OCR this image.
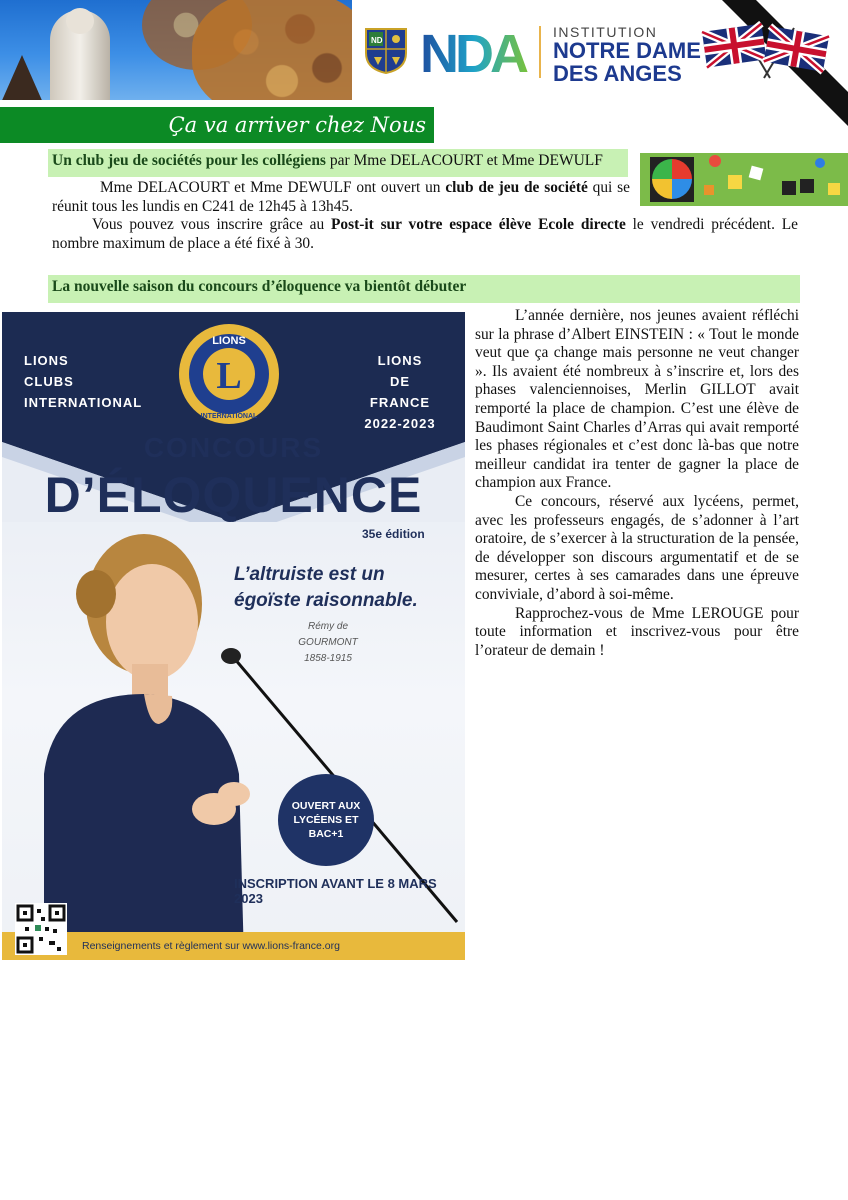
ND NDA INSTITUTION
NOTRE DAME DES ANGES
Ça va arriver chez Nous
Un club jeu de sociétés pour les collégiens par Mme DELACOURT et Mme DEWULF

Mme DELACOURT et Mme DEWULF ont ouvert un club de jeu de société qui se réunit tous les lundis en C241 de 12h45 à 13h45.

Vous pouvez vous inscrire grâce au Post-it sur votre espace élève Ecole directe le vendredi précédent. Le nombre maximum de place a été fixé à 30.

La nouvelle saison du concours d’éloquence va bientôt débuter
LIONS
CLUBS
INTERNATIONAL
LIONS
DE FRANCE
2022-2023
L
LIONS
INTERNATIONAL
CONCOURS
D’ÉLOQUENCE
35e édition
L’altruiste est un égoïste raisonnable.
Rémy de GOURMONT
1858-1915
OUVERT AUX LYCÉENS ET BAC+1
INSCRIPTION AVANT LE 8 MARS 2023
Renseignements et règlement sur www.lions-france.org

L’année dernière, nos jeunes avaient réfléchi sur la phrase d’Albert EINSTEIN : « Tout le monde veut que ça change mais personne ne veut changer ». Ils avaient été nombreux à s’inscrire et, lors des phases valenciennoises, Merlin GILLOT avait remporté la place de champion. C’est une élève de Baudimont Saint Charles d’Arras qui avait remporté les phases régionales et c’est donc là-bas que notre meilleur candidat ira tenter de gagner la place de champion aux France.

Ce concours, réservé aux lycéens, permet, avec les professeurs engagés, de s’adonner à l’art oratoire, de s’exercer à la structuration de la pensée, de développer son discours argumentatif et de se mesurer, certes à ses camarades dans une épreuve conviviale, d’abord à soi-même.

Rapprochez-vous de Mme LEROUGE pour toute information et inscrivez-vous pour être l’orateur de demain !
